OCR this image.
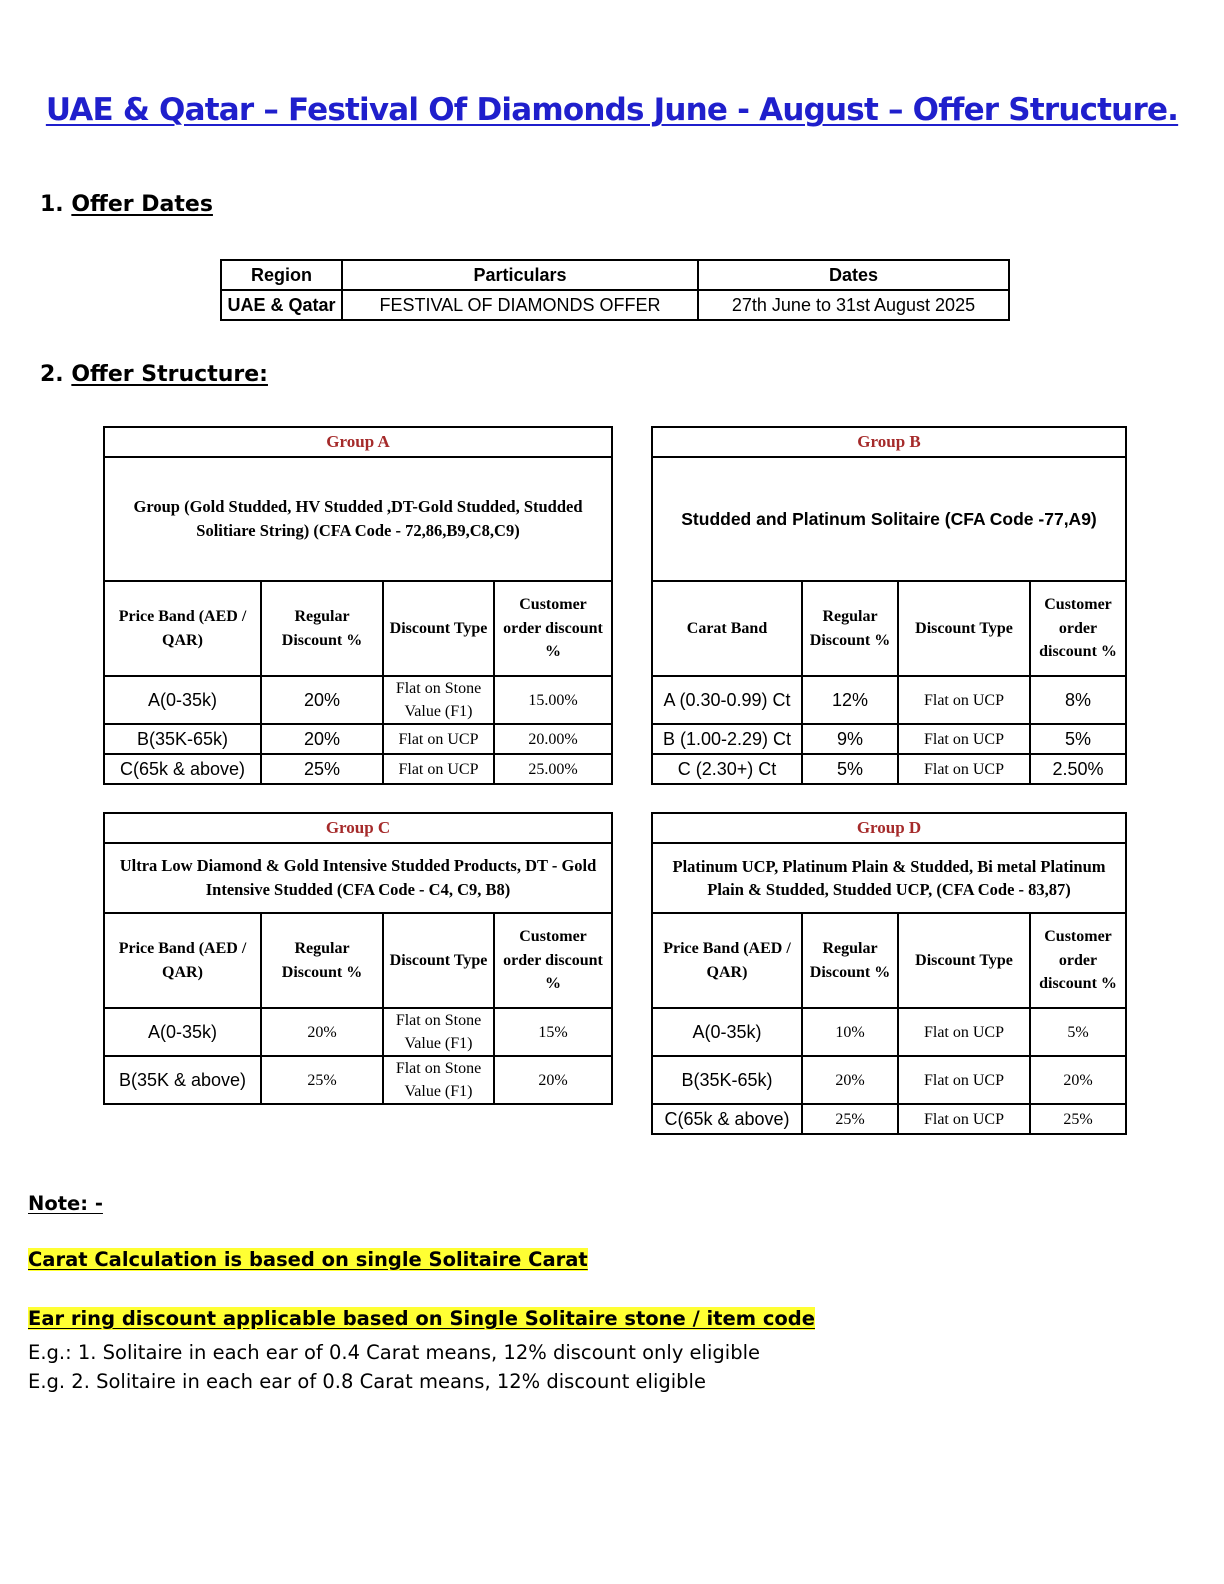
UAE & Qatar – Festival Of Diamonds June - August – Offer Structure.
1. Offer Dates
Region	Particulars	Dates
UAE & Qatar	FESTIVAL OF DIAMONDS OFFER	27th June to 31st August 2025
2. Offer Structure:
Group A			
Group (Gold Studded, HV Studded ,DT-Gold Studded, Studded Solitiare String) (CFA Code - 72,86,B9,C8,C9)			
Price Band (AED / QAR)	Regular Discount %	Discount Type	Customer order discount %
A(0-35k)	20%	Flat on Stone Value (F1)	15.00%
B(35K-65k)	20%	Flat on UCP	20.00%
C(65k & above)	25%	Flat on UCP	25.00%
Group B			
Studded and Platinum Solitaire (CFA Code -77,A9)			
Carat Band	Regular Discount %	Discount Type	Customer order discount %
A (0.30-0.99) Ct	12%	Flat on UCP	8%
B (1.00-2.29) Ct	9%	Flat on UCP	5%
C (2.30+) Ct	5%	Flat on UCP	2.50%
Group C			
Ultra Low Diamond & Gold Intensive Studded Products, DT - Gold Intensive Studded (CFA Code - C4, C9, B8)			
Price Band (AED / QAR)	Regular Discount %	Discount Type	Customer order discount %
A(0-35k)	20%	Flat on Stone Value (F1)	15%
B(35K & above)	25%	Flat on Stone Value (F1)	20%
Group D			
Platinum UCP, Platinum Plain & Studded, Bi metal Platinum Plain & Studded, Studded UCP, (CFA Code - 83,87)			
Price Band (AED / QAR)	Regular Discount %	Discount Type	Customer order discount %
A(0-35k)	10%	Flat on UCP	5%
B(35K-65k)	20%	Flat on UCP	20%
C(65k & above)	25%	Flat on UCP	25%
Note: -
Carat Calculation is based on single Solitaire Carat
Ear ring discount applicable based on Single Solitaire stone / item code
E.g.: 1. Solitaire in each ear of 0.4 Carat means, 12% discount only eligible
E.g. 2. Solitaire in each ear of 0.8 Carat means, 12% discount eligible
